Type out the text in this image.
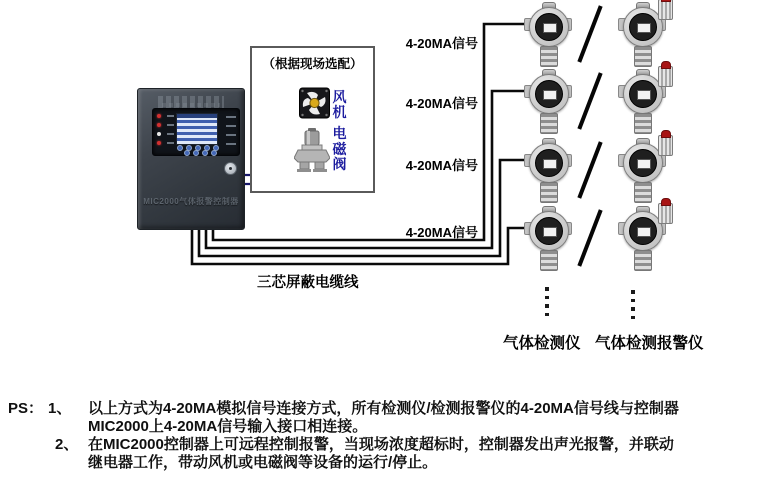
MIC2000气体报警控制器
（根据现场选配）
风
机
电
磁
阀
三芯屏蔽电缆线
4-20MA信号
4-20MA信号
4-20MA信号
4-20MA信号
气体检测仪 气体检测报警仪
PS： 1、 以上方式为4-20MA模拟信号连接方式，所有检测仪/检测报警仪的4-20MA信号线与控制器
MIC2000上4-20MA信号输入接口相连接。
2、 在MIC2000控制器上可远程控制报警，当现场浓度超标时，控制器发出声光报警，并联动
继电器工作，带动风机或电磁阀等设备的运行/停止。
